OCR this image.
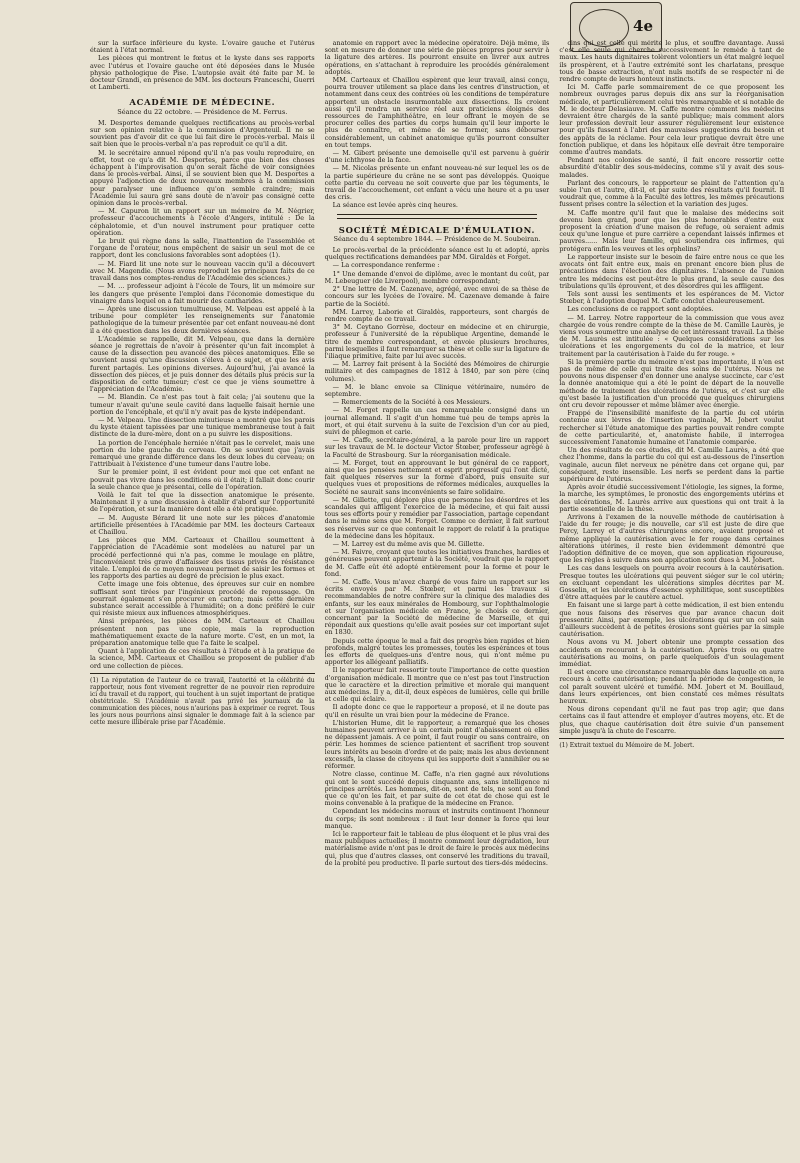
4e

sur la surface inférieure du kyste. L'ovaire gauche et l'utérus étaient à l'état normal.

Les pièces qui montrent le fœtus et le kyste dans ses rapports avec l'utérus et l'ovaire gauche ont été déposées dans le Musée physio pathologique de Pise. L'autopsie avait été faite par M. le docteur Grandi, en présence de MM. les docteurs Franceschi, Guerri et Lamberti.

ACADÉMIE DE MÉDECINE.
Séance du 22 octobre. — Présidence de M. Ferrus.

M. Desportes demande quelques rectifications au procès-verbal sur son opinion relative à la commission d'Argenteuil. Il ne se souvient pas d'avoir dit ce que lui fait dire le procès-verbal. Mais il sait bien que le procès-verbal n'a pas reproduit ce qu'il a dit.

M. le secrétaire annuel répond qu'il n'a pas voulu reproduire, en effet, tout ce qu'a dit M. Desportes, parce que bien des choses échappent à l'improvisation qu'on serait fâché de voir consignées dans le procès-verbal. Ainsi, il se souvient bien que M. Desportes a appuyé l'adjonction de deux nouveaux membres à la commission pour paralyser une influence qu'on semble craindre; mais l'Académie lui saura gré sans doute de n'avoir pas consigné cette opinion dans le procès-verbal.

— M. Capuron lit un rapport sur un mémoire de M. Négrier, professeur d'accouchements à l'école d'Angers, intitulé : De la céphalotomie, et d'un nouvel instrument pour pratiquer cette opération.

Le bruit qui règne dans la salle, l'inattention de l'assemblée et l'organe de l'orateur, nous empêchent de saisir un seul mot de ce rapport, dont les conclusions favorables sont adoptées (1).

— M. Fiard lit une note sur le nouveau vaccin qu'il a découvert avec M. Magendie. (Nous avons reproduit les principaux faits de ce travail dans nos comptes-rendus de l'Académie des sciences.)

— M. ... professeur adjoint à l'école de Tours, lit un mémoire sur les dangers que présente l'emploi dans l'économie domestique du vinaigre dans lequel on a fait mourir des cantharides.

— Après une discussion tumultueuse, M. Velpeau est appelé à la tribune pour compléter les renseignements sur l'anatomie pathologique de la tumeur présentée par cet enfant nouveau-né dont il a été question dans les deux dernières séances.

L'Académie se rappelle, dit M. Velpeau, que dans la dernière séance je regrettais de n'avoir à présenter qu'un fait incomplet à cause de la dissection peu avancée des pièces anatomiques. Elle se souvient aussi qu'une discussion s'éleva à ce sujet, et que les avis furent partagés. Les opinions diverses. Aujourd'hui, j'ai avancé la dissection des pièces, et je puis donner des détails plus précis sur la disposition de cette tumeur; c'est ce que je viens soumettre à l'appréciation de l'Académie.

— M. Blandin. Ce n'est pas tout à fait cela; j'ai soutenu que la tumeur n'avait qu'une seule cavité dans laquelle faisait hernie une portion de l'encéphale, et qu'il n'y avait pas de kyste indépendant.

— M. Velpeau. Une dissection minutieuse a montré que les parois du kyste étaient tapissées par une tunique membraneuse tout à fait distincte de la dure-mère, dont on a pu suivre les dispositions.

La portion de l'encéphale herniée n'était pas le cervelet, mais une portion du lobe gauche du cerveau. On se souvient que j'avais remarqué une grande différence dans les deux lobes du cerveau; on l'attribuait à l'existence d'une tumeur dans l'autre lobe.

Sur le premier point, il est évident pour moi que cet enfant ne pouvait pas vivre dans les conditions où il était; il fallait donc courir la seule chance que je présentai, celle de l'opération.

Voilà le fait tel que la dissection anatomique le présente. Maintenant il y a une discussion à établir d'abord sur l'opportunité de l'opération, et sur la manière dont elle a été pratiquée.

— M. Auguste Bérard lit une note sur les pièces d'anatomie artificielle présentées à l'Académie par MM. les docteurs Carteaux et Chaillou.

Les pièces que MM. Carteaux et Chaillou soumettent à l'appréciation de l'Académie sont modelées au naturel par un procédé perfectionné qui n'a pas, comme le moulage en plâtre, l'inconvénient très grave d'affaisser des tissus privés de résistance vitale. L'emploi de ce moyen nouveau permet de saisir les formes et les rapports des parties au degré de précision le plus exact.

Cette image une fois obtenue, des épreuves sur cuir en nombre suffisant sont tirées par l'ingénieux procédé de repoussage. On pourrait également s'en procurer en carton; mais cette dernière substance serait accessible à l'humidité; on a donc préféré le cuir qui résiste mieux aux influences atmosphériques.

Ainsi préparées, les pièces de MM. Carteaux et Chaillou présentent non pas une copie, mais la reproduction mathématiquement exacte de la nature morte. C'est, en un mot, la préparation anatomique telle que l'a faite le scalpel.

Quant à l'application de ces résultats à l'étude et à la pratique de la science, MM. Carteaux et Chaillou se proposent de publier d'ab ord une collection de pièces.

(1) La réputation de l'auteur de ce travail, l'autorité et la célébrité du rapporteur, nous font vivement regretter de ne pouvoir rien reproduire ici du travail et du rapport, qui touchent à un sujet important de pratique obstétricale. Si l'Académie n'avait pas privé les journaux de la communication des pièces, nous n'aurions pas à exprimer ce regret. Tous les jours nous pourrions ainsi signaler le dommage fait à la science par cette mesure illibérale prise par l'Académie.

anatomie en rapport avec la médecine opératoire. Déjà même, ils sont en mesure de donner une série de pièces propres pour servir à la ligature des artères. Ils pourront ensuite en livrer aux autres opérations, en s'attachant à reproduire les procédés généralement adoptés.

MM. Carteaux et Chaillou espèrent que leur travail, ainsi conçu, pourra trouver utilement sa place dans les centres d'instruction, et notamment dans ceux des contrées où les conditions de température apportent un obstacle insurmontable aux dissections. Ils croient aussi qu'il rendra un service réel aux praticiens éloignés des ressources de l'amphithéâtre, en leur offrant le moyen de se procurer celles des parties du corps humain qu'il leur importe le plus de connaître, et même de se former, sans débourser considérablement, un cabinet anatomique qu'ils pourront consulter en tout temps.

— M. Gibert présente une demoiselle qu'il est parvenu à guérir d'une ichthyose de la face.

— M. Nicolas présente un enfant nouveau-né sur lequel les os de la partie supérieure du crâne ne se sont pas développés. Quoique cette partie du cerveau ne soit couverte que par les téguments, le travail de l'accouchement, cet enfant a vécu une heure et a pu user des cris.

La séance est levée après cinq heures.

SOCIÉTÉ MÉDICALE D'ÉMULATION.
Séance du 4 septembre 1844. — Présidence de M. Soubeiran.

Le procès-verbal de la précédente séance est lu et adopté, après quelques rectifications demandées par MM. Giraldès et Forget.

— La correspondance renferme :

1° Une demande d'envoi de diplôme, avec le montant du coût, par M. Lebeuguer (de Liverpool), membre correspondant;

2° Une lettre de M. Cazenave, agrégé, avec envoi de sa thèse de concours sur les lycées de l'ovaire. M. Cazenave demande à faire partie de la Société.

MM. Larrey, Laborie et Giraldès, rapporteurs, sont chargés de rendre compte de ce travail.

3° M. Ceytano Gorrèse, docteur en médecine et en chirurgie, professeur à l'université de la république Argentine, demande le titre de membre correspondant, et envoie plusieurs brochures, parmi lesquelles il faut remarquer sa thèse et celle sur la ligature de l'iliaque primitive, faite par lui avec succès.

— M. Larrey fait présent à la Société des Mémoires de chirurgie militaire et des campagnes de 1812 à 1840, par son père (cinq volumes).

— M. le blanc envoie sa Clinique vétérinaire, numéro de septembre.

— Remerciements de la Société à ces Messieurs.

— M. Forget rappelle un cas remarquable consigné dans un journal allemand. Il s'agit d'un homme tué peu de temps après la mort, et qui était survenu à la suite de l'excision d'un cor au pied, suivi de phlegmon et carie.

— M. Caffe, secrétaire-général, a la parole pour lire un rapport sur les travaux de M. le docteur Victor Stœber, professeur agrégé à la Faculté de Strasbourg. Sur la réorganisation médicale.

— M. Forget, tout en approuvant le but général de ce rapport, ainsi que les pensées nettement et esprit progressif qui l'ont dicté, fait quelques réserves sur la forme d'abord, puis ensuite sur quelques vues et propositions de réformes médicales, auxquelles la Société ne saurait sans inconvénients se faire solidaire.

— M. Gillette, qui déplore plus que personne les désordres et les scandales qui affligent l'exercice de la médecine, et qui fait aussi tous ses efforts pour y remédier par l'association, partage cependant dans le même sens que M. Forget. Comme ce dernier, il fait surtout ses réserves sur ce que contenait le rapport de relatif à la pratique de la médecine dans les hôpitaux.

— M. Larrey est du même avis que M. Gillette.

— M. Faivre, croyant que toutes les initiatives franches, hardies et généreuses peuvent appartenir à la Société, voudrait que le rapport de M. Caffe eût été adopté entièrement pour la forme et pour le fond.

— M. Caffe. Vous m'avez chargé de vous faire un rapport sur les écrits envoyés par M. Stœber, et parmi les travaux si recommandables de notre confrère sur la clinique des maladies des enfants, sur les eaux minérales de Hombourg, sur l'ophthalmologie et sur l'organisation médicale en France, je choisis ce dernier, concernant par la Société de médecine de Marseille, et qui répondait aux questions qu'elle avait posées sur cet important sujet en 1830.

Depuis cette époque le mal a fait des progrès bien rapides et bien profonds, malgré toutes les promesses, toutes les espérances et tous les efforts de quelques-uns d'entre nous, qui n'ont même pu apporter les allégeant palliatifs.

Il le rapporteur fait ressortir toute l'importance de cette question d'organisation médicale. Il montre que ce n'est pas tout l'instruction que le caractère et la direction primitive et morale qui manquent aux médecins. Il y a, dit-il, deux espèces de lumières, celle qui brille et celle qui éclaire.

Il adopte donc ce que le rapporteur a proposé, et il ne doute pas qu'il en résulte un vrai bien pour la médecine de France.

L'historien Hume, dit le rapporteur, a remarqué que les choses humaines peuvent arriver à un certain point d'abaissement où elles ne dépassent jamais. A ce point, il faut rougir ou sans contraire, on périr. Les hommes de science patientent et sacrifient trop souvent leurs intérêts au besoin d'ordre et de paix; mais les abus deviennent excessifs, la classe de citoyens qui les supporte doit s'annihiler ou se réformer.

Notre classe, continue M. Caffe, n'a rien gagné aux révolutions qui ont le sont succédé depuis cinquante ans, sans intelligence ni principes arrêtés. Les hommes, dit-on, sont de tels, ne sont au fond que ce qu'on les fait, et par suite de cet état de chose qui est le moins convenable à la pratique de la médecine en France.

Cependant les médecins moraux et instruits continuent l'honneur du corps; ils sont nombreux : il faut leur donner la force qui leur manque.

Ici le rapporteur fait le tableau de plus éloquent et le plus vrai des maux publiques actuelles; il montre comment leur dégradation, leur matérialisme avide n'ont pas le droit de faire le procès aux médecins qui, plus que d'autres classes, ont conservé les traditions du travail, de la probité peu productive. Il parle surtout des tiers-dés médecins.

cins qui est celle qui mérite le plus, et souffre davantage. Aussi c'est elle seule qui cherche successivement le remède à tant de maux. Les hauts dignitaires tolèrent volontiers un état malgré lequel ils prospèrent, et à l'autre extrémité sont les charlatans, presque tous de basse extraction, n'ont nuls motifs de se respecter ni de rendre compte de leurs honteux instincts.

Ici M. Caffe parle sommairement de ce que proposent les nombreux ouvrages parus depuis dix ans sur la réorganisation médicale, et particulièrement celui très remarquable et si notable de M. le docteur Delasiauve. M. Caffe montre comment les médecins devraient être chargés de la santé publique; mais comment alors leur profession devrait leur assurer régulièrement leur existence pour qu'ils fussent à l'abri des mauvaises suggestions du besoin et des appâts de la réclame. Pour cela leur pratique devrait être une fonction publique, et dans les hôpitaux elle devrait être temporaire comme d'autres mandats.

Pendant nos colonies de santé, il fait encore ressortir cette absurdité d'établir des sous-médecins, comme s'il y avait des sous-malades.

Parlant des concours, le rapporteur se plaint de l'attention qu'a subie l'un et l'autre, dit-il, et par suite des résultats qu'il fournit. Il voudrait que, comme à la Faculté des lettres, les mêmes précautions fussent prises contre la sélection et la variation des juges.

M. Caffe montre qu'il faut que le malaise des médecins soit devenu bien grand, pour que les plus honorables d'entre eux proposent la création d'une maison de refuge, où seraient admis ceux qu'une longue et pure carrière a cependant laissés infirmes et pauvres...... Mais leur famille, qui soutiendra ces infirmes, qui protégera enfin les veuves et les orphelins?

Le rapporteur insiste sur le besoin de faire entre nous ce que les avocats ont fait entre eux, mais en prenant encore bien plus de précautions dans l'élection des dignitaires. L'absence de l'union entre les médecins est peut-être le plus grand, la seule cause des tribulations qu'ils éprouvent, et des désordres qui les affligent.

Tels sont aussi les sentiments et les espérances de M. Victor Stœber, à l'adoption duquel M. Caffe conclut chaleureusement.

Les conclusions de ce rapport sont adoptées.

— M. Larrey. Notre rapporteur de la commission que vous avez chargée de vous rendre compte de la thèse de M. Camille Laurès, je viens vous soumettre une analyse de cet intéressant travail. La thèse de M. Laurès est intitulée : « Quelques considérations sur les ulcérations et les engorgements du col de la matrice, et leur traitement par la cautérisation à l'aide du fer rouge. »

Si la première partie du mémoire n'est pas importante, il n'en est pas de même de celle qui traite des soins de l'utérus. Nous ne pouvons nous dispenser d'en donner une analyse succincte, car c'est la donnée anatomique qui a été le point de départ de la nouvelle méthode de traitement des ulcérations de l'utérus, et c'est sur elle qu'est basée la justification d'un procédé que quelques chirurgiens ont cru devoir repousser et même blâmer avec énergie.

Frappé de l'insensibilité manifeste de la partie du col utérin contenue aux lèvres de l'insertion vaginale, M. Jobert voulut rechercher si l'étude anatomique des parties pouvait rendre compte de cette particularité, et, anatomiste habile, il interrogea successivement l'anatomie humaine et l'anatomie comparée.

Un des résultats de ces études, dit M. Camille Laurès, a été que chez l'homme, dans la partie du col qui est au-dessous de l'insertion vaginale, aucun filet nerveux ne pénètre dans cet organe qui, par conséquent, reste insensible. Les nerfs se perdent dans la partie supérieure de l'utérus.

Après avoir étudié successivement l'étiologie, les signes, la forme, la marche, les symptômes, le pronostic des engorgements utérins et des ulcérations, M. Laurès arrive aux questions qui ont trait à la partie essentielle de la thèse.

Arrivons à l'examen de la nouvelle méthode de cautérisation à l'aide du fer rouge; je dis nouvelle, car s'il est juste de dire que Percy, Larrey et d'autres chirurgiens encore, avaient proposé et même appliqué la cautérisation avec le fer rouge dans certaines altérations utérines, il reste bien évidemment démontré que l'adoption définitive de ce moyen, que son application rigoureuse, que les règles à suivre dans son application sont dues à M. Jobert.

Les cas dans lesquels on pourra avoir recours à la cautérisation. Presque toutes les ulcérations qui peuvent siéger sur le col utérin; en excluant cependant les ulcérations simples décrites par M. Gosselin, et les ulcérations d'essence syphilitique, sont susceptibles d'être attaquées par le cautère actuel.

En faisant une si large part à cette médication, il est bien entendu que nous faisons des réserves que par avance chacun doit pressentir. Ainsi, par exemple, les ulcérations qui sur un col sain d'ailleurs succèdent à de petites érosions sont guéries par la simple cautérisation.

Nous avons vu M. Jobert obtenir une prompte cessation des accidents en recourant à la cautérisation. Après trois ou quatre cautérisations au moins, on parle quelquefois d'un soulagement immédiat.

Il est encore une circonstance remarquable dans laquelle on aura recours à cette cautérisation; pendant la période de congestion, le col paraît souvent ulcéré et tuméfié. MM. Jobert et M. Bouillaud, dans leurs expériences, ont bien constaté ces mêmes résultats heureux.

Nous dirons cependant qu'il ne faut pas trop agir; que dans certains cas il faut attendre et employer d'autres moyens, etc. Et de plus, que chaque cautérisation doit être suivie d'un pansement simple jusqu'à la chute de l'escarre.

(1) Extrait textuel du Mémoire de M. Jobert.
